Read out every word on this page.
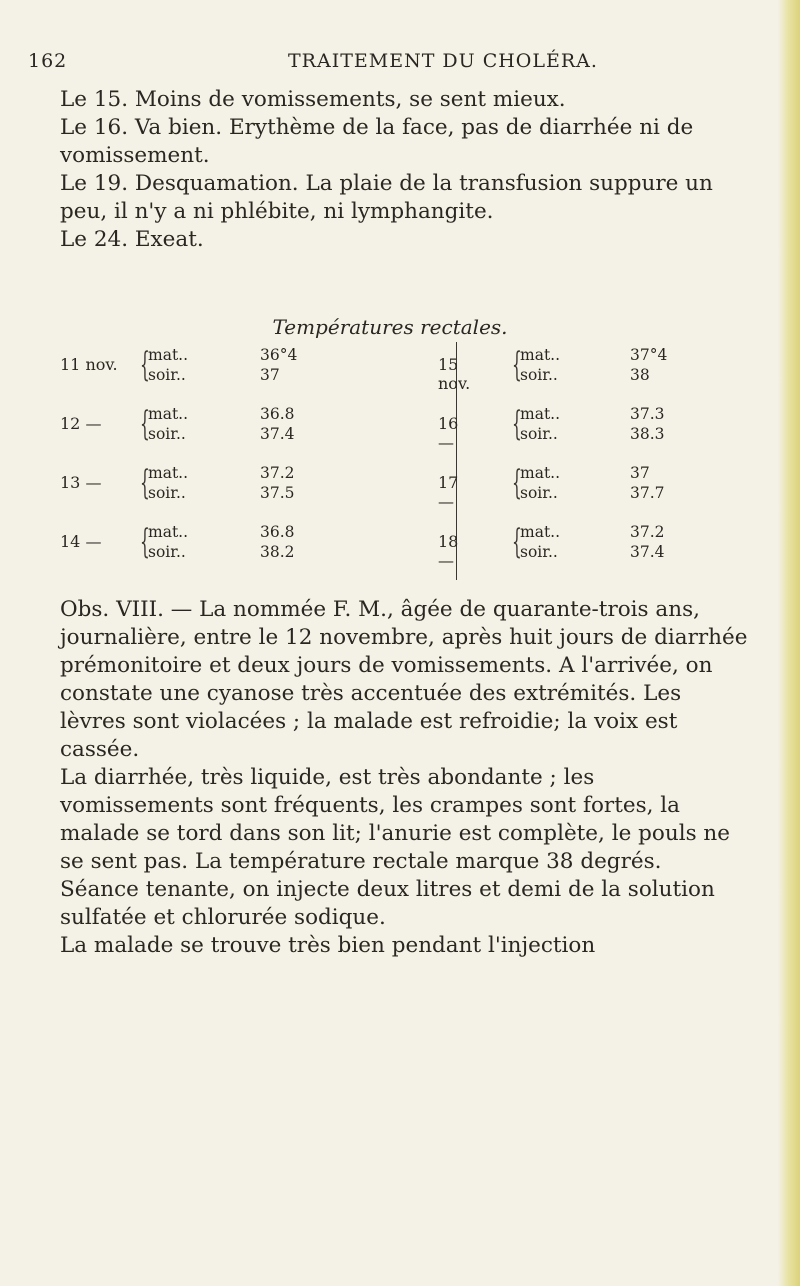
162	TRAITEMENT DU CHOLÉRA.

Le 15. Moins de vomissements, se sent mieux.

Le 16. Va bien. Erythème de la face, pas de diarrhée ni de vomissement.

Le 19. Desquamation. La plaie de la transfusion suppure un peu, il n'y a ni phlébite, ni lymphangite.

Le 24. Exeat.

Températures rectales.
11 nov. {
mat..	36°4
soir..	37
12 — {
mat..	36.8
soir..	37.4
13 — {
mat..	37.2
soir..	37.5
14 — {
mat..	36.8
soir..	38.2
15 nov. {
mat..	37°4
soir..	38
16 — {
mat..	37.3
soir..	38.3
17 — {
mat..	37
soir..	37.7
18 — {
mat..	37.2
soir..	37.4

Obs. VIII. — La nommée F. M., âgée de quarante-trois ans, journalière, entre le 12 novembre, après huit jours de diarrhée prémonitoire et deux jours de vomissements. A l'arrivée, on constate une cyanose très accentuée des extrémités. Les lèvres sont violacées ; la malade est refroidie; la voix est cassée.

La diarrhée, très liquide, est très abondante ; les vomissements sont fréquents, les crampes sont fortes, la malade se tord dans son lit; l'anurie est complète, le pouls ne se sent pas. La température rectale marque 38 degrés.

Séance tenante, on injecte deux litres et demi de la solution sulfatée et chlorurée sodique.

La malade se trouve très bien pendant l'injection
